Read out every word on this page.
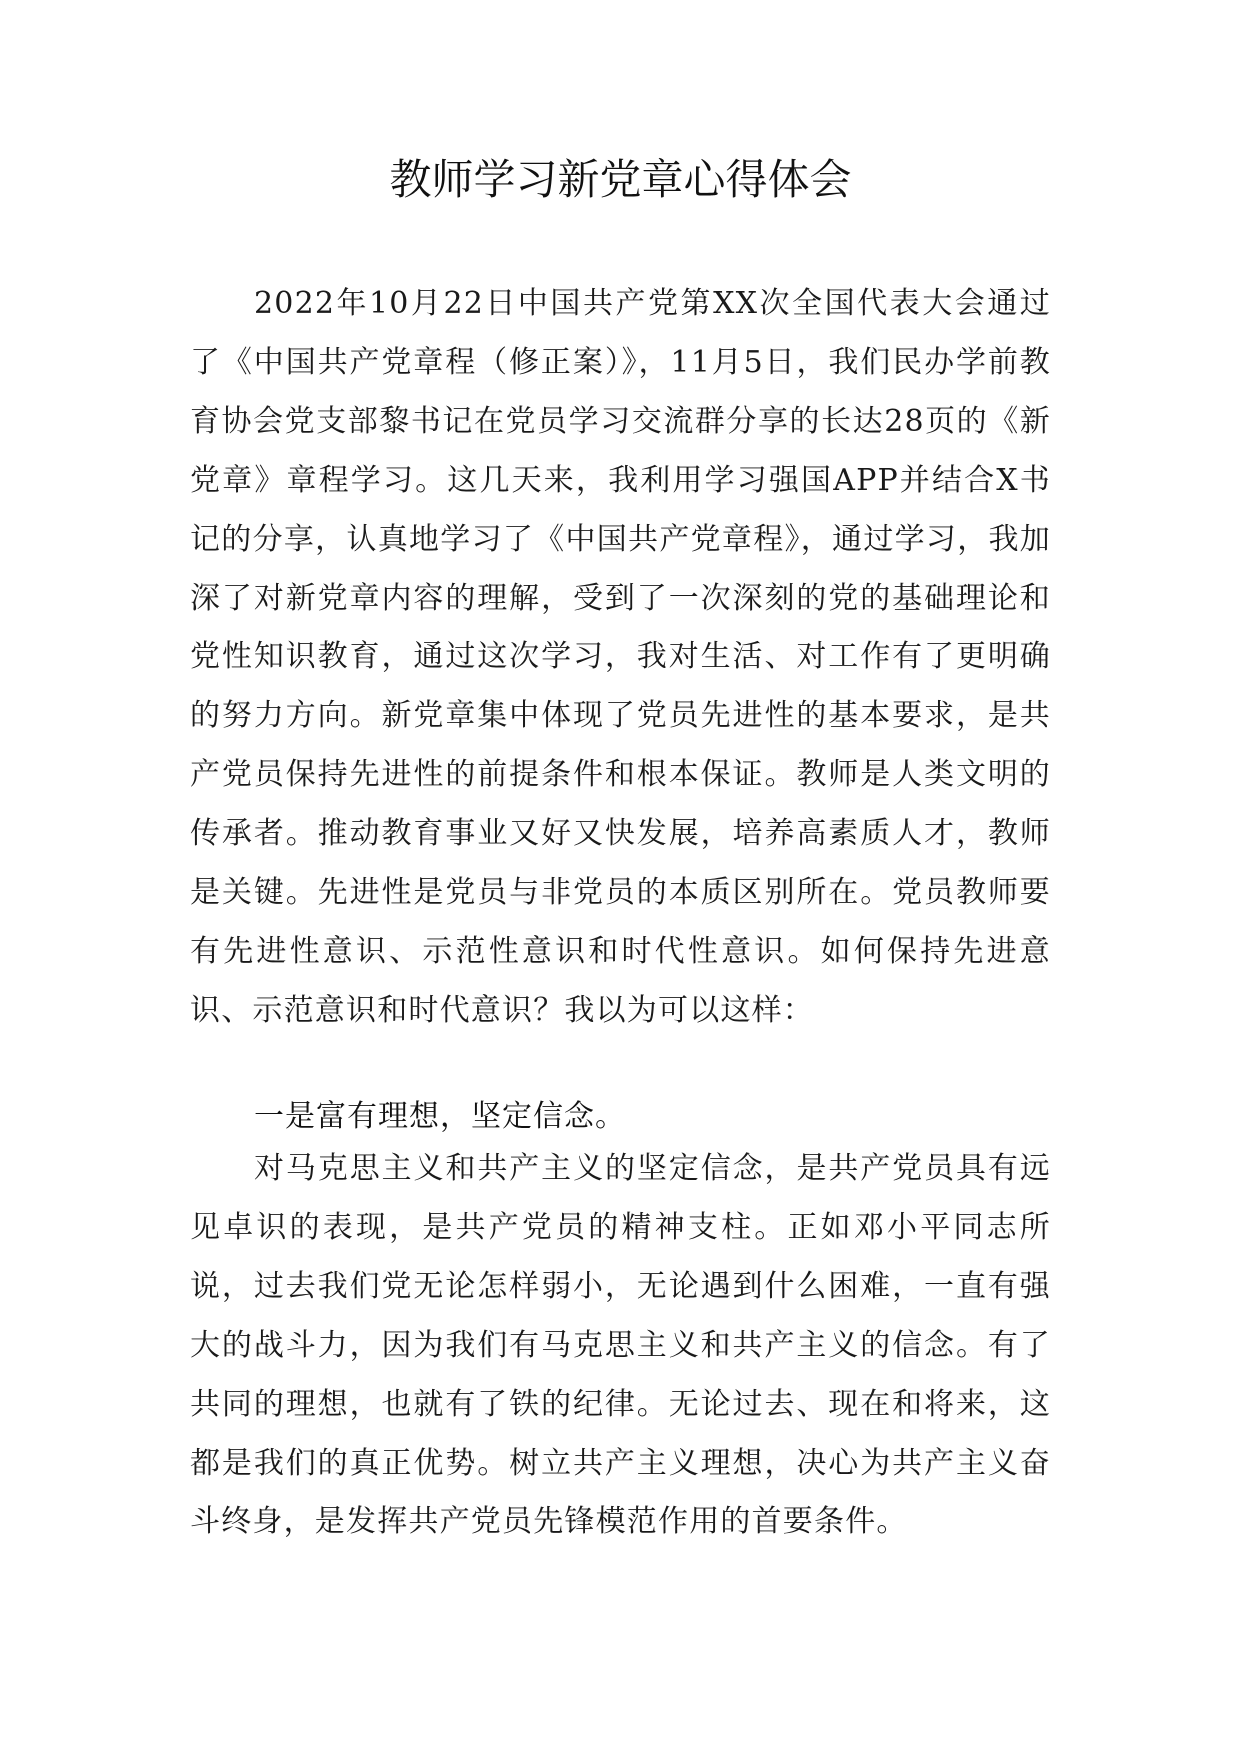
教师学习新党章心得体会

2022年10月22日中国共产党第XX次全国代表大会通过了《中国共产党章程（修正案）》，11月5日，我们民办学前教育协会党支部黎书记在党员学习交流群分享的长达28页的《新党章》章程学习。这几天来，我利用学习强国APP并结合X书记的分享，认真地学习了《中国共产党章程》，通过学习，我加深了对新党章内容的理解，受到了一次深刻的党的基础理论和党性知识教育，通过这次学习，我对生活、对工作有了更明确的努力方向。新党章集中体现了党员先进性的基本要求，是共产党员保持先进性的前提条件和根本保证。教师是人类文明的传承者。推动教育事业又好又快发展，培养高素质人才，教师是关键。先进性是党员与非党员的本质区别所在。党员教师要有先进性意识、示范性意识和时代性意识。如何保持先进意识、示范意识和时代意识？我以为可以这样：

一是富有理想，坚定信念。

对马克思主义和共产主义的坚定信念，是共产党员具有远见卓识的表现，是共产党员的精神支柱。正如邓小平同志所说，过去我们党无论怎样弱小，无论遇到什么困难，一直有强大的战斗力，因为我们有马克思主义和共产主义的信念。有了共同的理想，也就有了铁的纪律。无论过去、现在和将来，这都是我们的真正优势。树立共产主义理想，决心为共产主义奋斗终身，是发挥共产党员先锋模范作用的首要条件。
